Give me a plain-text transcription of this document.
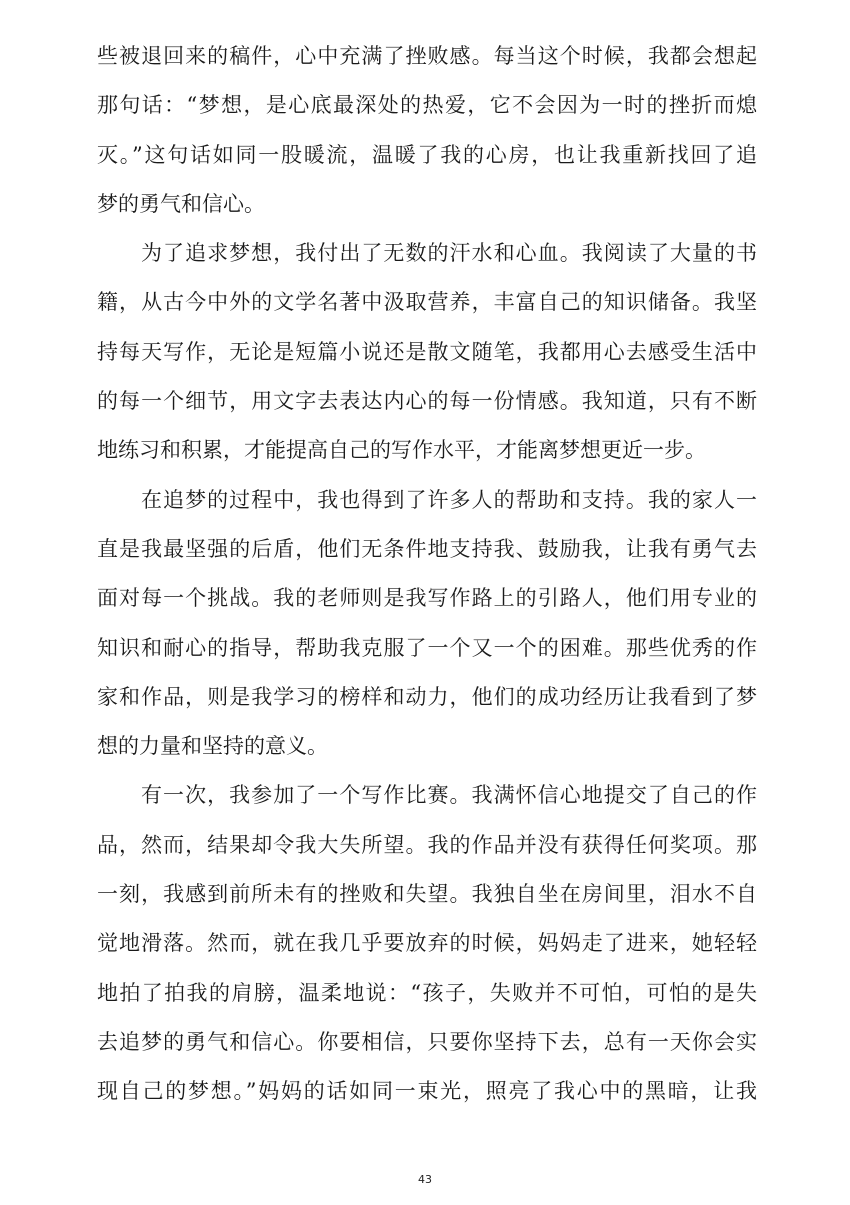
些被退回来的稿件，心中充满了挫败感。每当这个时候，我都会想起
那句话：“梦想，是心底最深处的热爱，它不会因为一时的挫折而熄
灭。”这句话如同一股暖流，温暖了我的心房，也让我重新找回了追
梦的勇气和信心。

为了追求梦想，我付出了无数的汗水和心血。我阅读了大量的书
籍，从古今中外的文学名著中汲取营养，丰富自己的知识储备。我坚
持每天写作，无论是短篇小说还是散文随笔，我都用心去感受生活中
的每一个细节，用文字去表达内心的每一份情感。我知道，只有不断
地练习和积累，才能提高自己的写作水平，才能离梦想更近一步。

在追梦的过程中，我也得到了许多人的帮助和支持。我的家人一
直是我最坚强的后盾，他们无条件地支持我、鼓励我，让我有勇气去
面对每一个挑战。我的老师则是我写作路上的引路人，他们用专业的
知识和耐心的指导，帮助我克服了一个又一个的困难。那些优秀的作
家和作品，则是我学习的榜样和动力，他们的成功经历让我看到了梦
想的力量和坚持的意义。

有一次，我参加了一个写作比赛。我满怀信心地提交了自己的作
品，然而，结果却令我大失所望。我的作品并没有获得任何奖项。那
一刻，我感到前所未有的挫败和失望。我独自坐在房间里，泪水不自
觉地滑落。然而，就在我几乎要放弃的时候，妈妈走了进来，她轻轻
地拍了拍我的肩膀，温柔地说：“孩子，失败并不可怕，可怕的是失
去追梦的勇气和信心。你要相信，只要你坚持下去，总有一天你会实
现自己的梦想。”妈妈的话如同一束光，照亮了我心中的黑暗，让我

43
